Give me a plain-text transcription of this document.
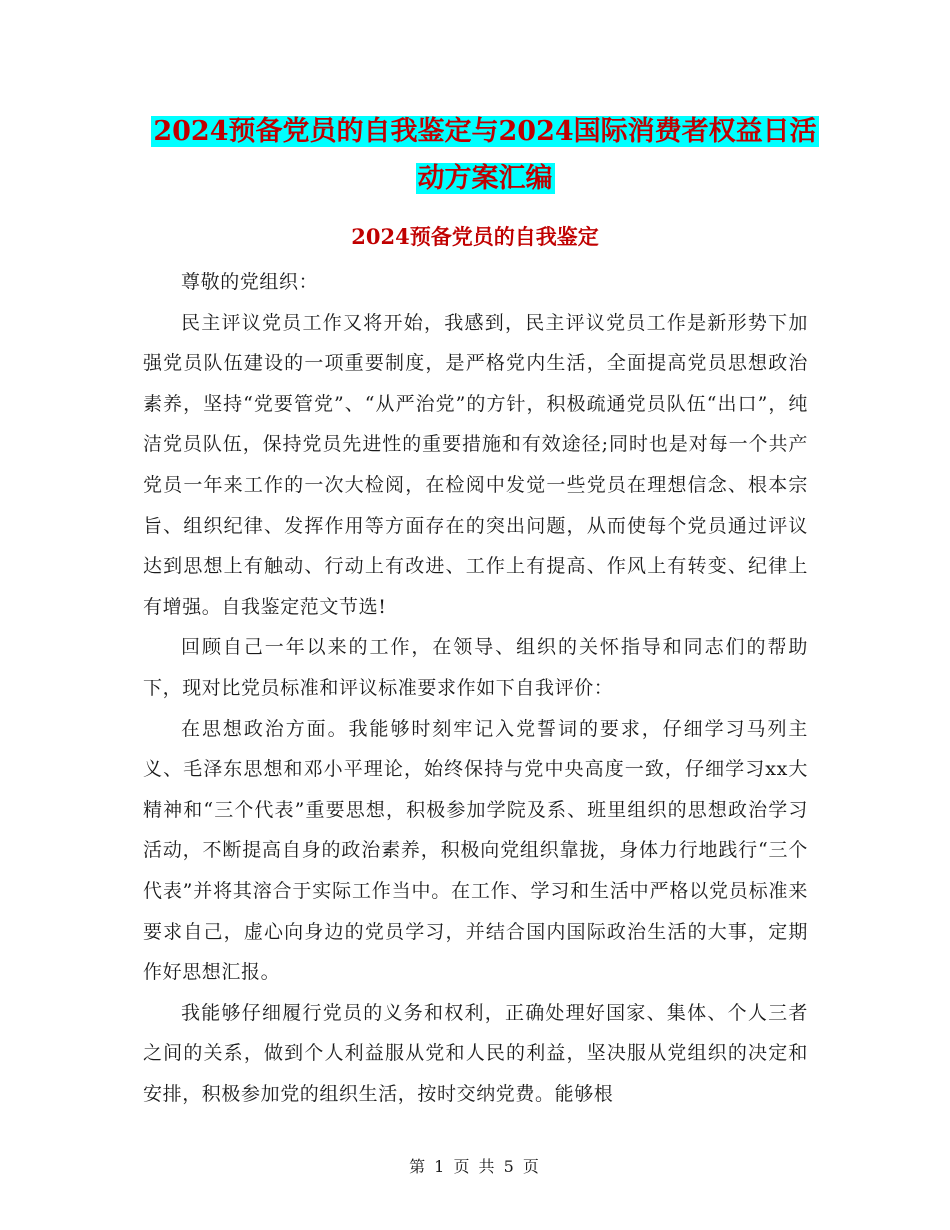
2024预备党员的自我鉴定与2024国际消费者权益日活
动方案汇编
2024预备党员的自我鉴定

尊敬的党组织：

民主评议党员工作又将开始，我感到，民主评议党员工作是新形势下加强党员队伍建设的一项重要制度，是严格党内生活，全面提高党员思想政治素养，坚持“党要管党”、“从严治党”的方针，积极疏通党员队伍“出口”，纯洁党员队伍，保持党员先进性的重要措施和有效途径;同时也是对每一个共产党员一年来工作的一次大检阅，在检阅中发觉一些党员在理想信念、根本宗旨、组织纪律、发挥作用等方面存在的突出问题，从而使每个党员通过评议达到思想上有触动、行动上有改进、工作上有提高、作风上有转变、纪律上有增强。自我鉴定范文节选!

回顾自己一年以来的工作，在领导、组织的关怀指导和同志们的帮助下，现对比党员标准和评议标准要求作如下自我评价：

在思想政治方面。我能够时刻牢记入党誓词的要求，仔细学习马列主义、毛泽东思想和邓小平理论，始终保持与党中央高度一致，仔细学习xx大精神和“三个代表”重要思想，积极参加学院及系、班里组织的思想政治学习活动，不断提高自身的政治素养，积极向党组织靠拢，身体力行地践行“三个代表”并将其溶合于实际工作当中。在工作、学习和生活中严格以党员标准来要求自己，虚心向身边的党员学习，并结合国内国际政治生活的大事，定期作好思想汇报。

我能够仔细履行党员的义务和权利，正确处理好国家、集体、个人三者之间的关系，做到个人利益服从党和人民的利益，坚决服从党组织的决定和安排，积极参加党的组织生活，按时交纳党费。能够根

第 1 页 共 5 页
